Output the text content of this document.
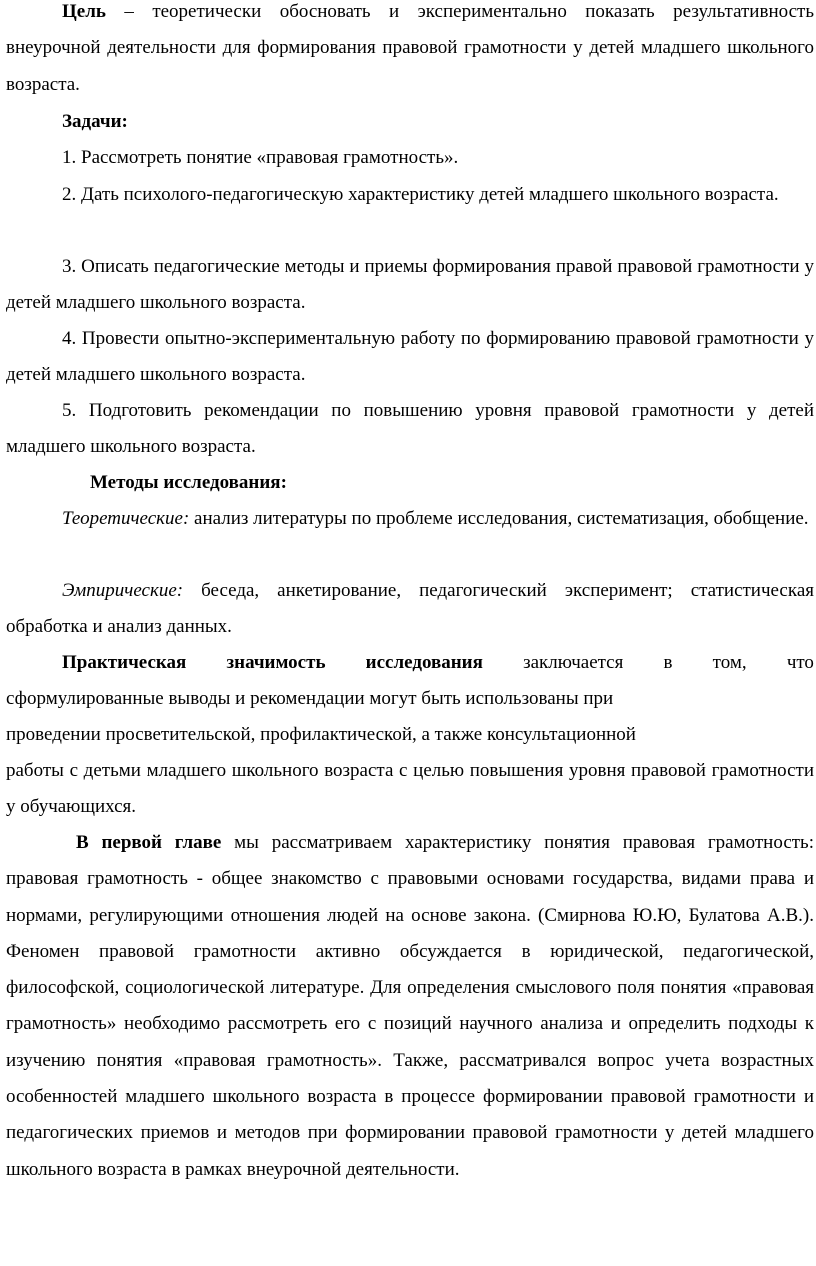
Цель – теоретически обосновать и экспериментально показать результативность внеурочной деятельности для формирования правовой грамотности у детей младшего школьного возраста.

Задачи:

1. Рассмотреть понятие «правовая грамотность».

2. Дать психолого-педагогическую характеристику детей младшего школьного возраста.

3. Описать педагогические методы и приемы формирования правой правовой грамотности у детей младшего школьного возраста.

4. Провести опытно-экспериментальную работу по формированию правовой грамотности у детей младшего школьного возраста.

5. Подготовить рекомендации по повышению уровня правовой грамотности у детей младшего школьного возраста.

Методы исследования:

Теоретические: анализ литературы по проблеме исследования, систематизация, обобщение.

Эмпирические: беседа, анкетирование, педагогический эксперимент; статистическая обработка и анализ данных.

Практическая значимость исследования заключается в том, что

сформулированные выводы и рекомендации могут быть использованы при

проведении просветительской, профилактической, а также консультационной

работы с детьми младшего школьного возраста с целью повышения уровня правовой грамотности у обучающихся.

В первой главе мы рассматриваем характеристику понятия правовая грамотность: правовая грамотность - общее знакомство с правовыми основами государства, видами права и нормами, регулирующими отношения людей на основе закона. (Смирнова Ю.Ю, Булатова А.В.). Феномен правовой грамотности активно обсуждается в юридической, педагогической, философской, социологической литературе. Для определения смыслового поля понятия «правовая грамотность» необходимо рассмотреть его с позиций научного анализа и определить подходы к изучению понятия «правовая грамотность». Также, рассматривался вопрос учета возрастных особенностей младшего школьного возраста в процессе формировании правовой грамотности и педагогических приемов и методов при формировании правовой грамотности у детей младшего школьного возраста в рамках внеурочной деятельности.
